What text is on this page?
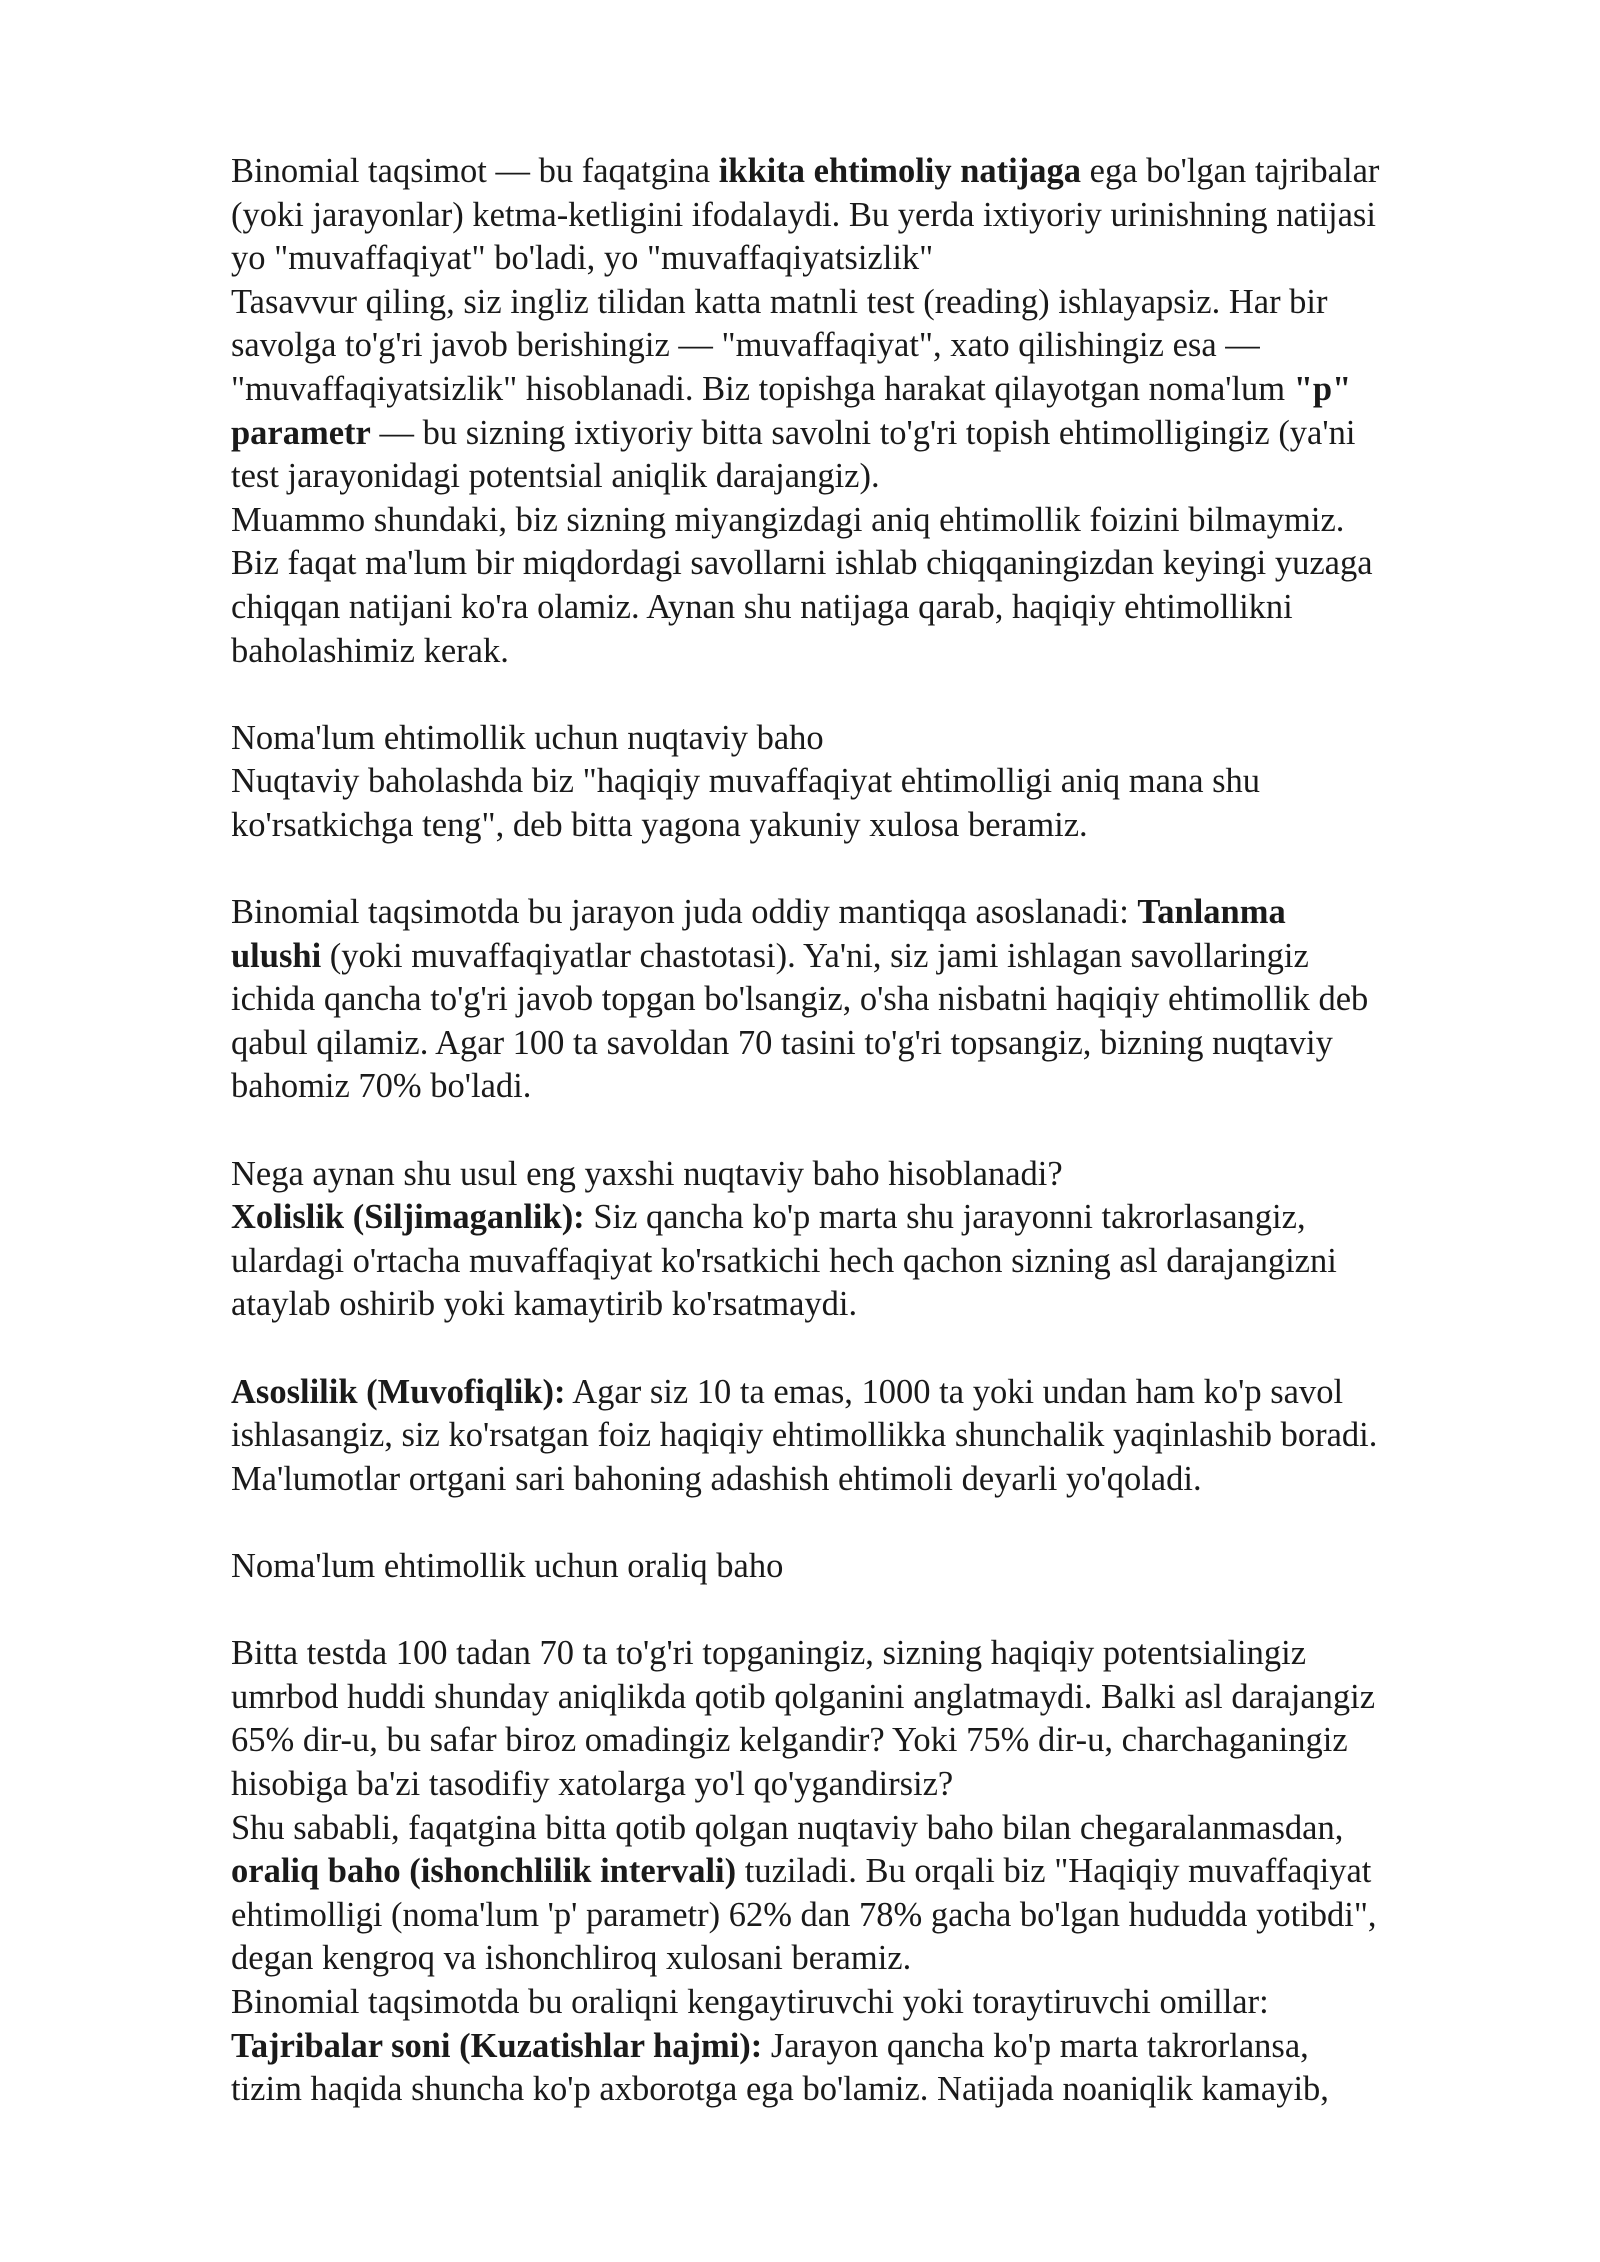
Binomial taqsimot — bu faqatgina ikkita ehtimoliy natijaga ega bo'lgan tajribalar
(yoki jarayonlar) ketma-ketligini ifodalaydi. Bu yerda ixtiyoriy urinishning natijasi
yo "muvaffaqiyat" bo'ladi, yo "muvaffaqiyatsizlik"
Tasavvur qiling, siz ingliz tilidan katta matnli test (reading) ishlayapsiz. Har bir
savolga to'g'ri javob berishingiz — "muvaffaqiyat", xato qilishingiz esa —
"muvaffaqiyatsizlik" hisoblanadi. Biz topishga harakat qilayotgan noma'lum "p"
parametr — bu sizning ixtiyoriy bitta savolni to'g'ri topish ehtimolligingiz (ya'ni
test jarayonidagi potentsial aniqlik darajangiz).
Muammo shundaki, biz sizning miyangizdagi aniq ehtimollik foizini bilmaymiz.
Biz faqat ma'lum bir miqdordagi savollarni ishlab chiqqaningizdan keyingi yuzaga
chiqqan natijani ko'ra olamiz. Aynan shu natijaga qarab, haqiqiy ehtimollikni
baholashimiz kerak.
Noma'lum ehtimollik uchun nuqtaviy baho
Nuqtaviy baholashda biz "haqiqiy muvaffaqiyat ehtimolligi aniq mana shu
ko'rsatkichga teng", deb bitta yagona yakuniy xulosa beramiz.
Binomial taqsimotda bu jarayon juda oddiy mantiqqa asoslanadi: Tanlanma
ulushi (yoki muvaffaqiyatlar chastotasi). Ya'ni, siz jami ishlagan savollaringiz
ichida qancha to'g'ri javob topgan bo'lsangiz, o'sha nisbatni haqiqiy ehtimollik deb
qabul qilamiz. Agar 100 ta savoldan 70 tasini to'g'ri topsangiz, bizning nuqtaviy
bahomiz 70% bo'ladi.
Nega aynan shu usul eng yaxshi nuqtaviy baho hisoblanadi?
Xolislik (Siljimaganlik): Siz qancha ko'p marta shu jarayonni takrorlasangiz,
ulardagi o'rtacha muvaffaqiyat ko'rsatkichi hech qachon sizning asl darajangizni
ataylab oshirib yoki kamaytirib ko'rsatmaydi.
Asoslilik (Muvofiqlik): Agar siz 10 ta emas, 1000 ta yoki undan ham ko'p savol
ishlasangiz, siz ko'rsatgan foiz haqiqiy ehtimollikka shunchalik yaqinlashib boradi.
Ma'lumotlar ortgani sari bahoning adashish ehtimoli deyarli yo'qoladi.
Noma'lum ehtimollik uchun oraliq baho
Bitta testda 100 tadan 70 ta to'g'ri topganingiz, sizning haqiqiy potentsialingiz
umrbod huddi shunday aniqlikda qotib qolganini anglatmaydi. Balki asl darajangiz
65% dir-u, bu safar biroz omadingiz kelgandir? Yoki 75% dir-u, charchaganingiz
hisobiga ba'zi tasodifiy xatolarga yo'l qo'ygandirsiz?
Shu sababli, faqatgina bitta qotib qolgan nuqtaviy baho bilan chegaralanmasdan,
oraliq baho (ishonchlilik intervali) tuziladi. Bu orqali biz "Haqiqiy muvaffaqiyat
ehtimolligi (noma'lum 'p' parametr) 62% dan 78% gacha bo'lgan hududda yotibdi",
degan kengroq va ishonchliroq xulosani beramiz.
Binomial taqsimotda bu oraliqni kengaytiruvchi yoki toraytiruvchi omillar:
Tajribalar soni (Kuzatishlar hajmi): Jarayon qancha ko'p marta takrorlansa,
tizim haqida shuncha ko'p axborotga ega bo'lamiz. Natijada noaniqlik kamayib,
